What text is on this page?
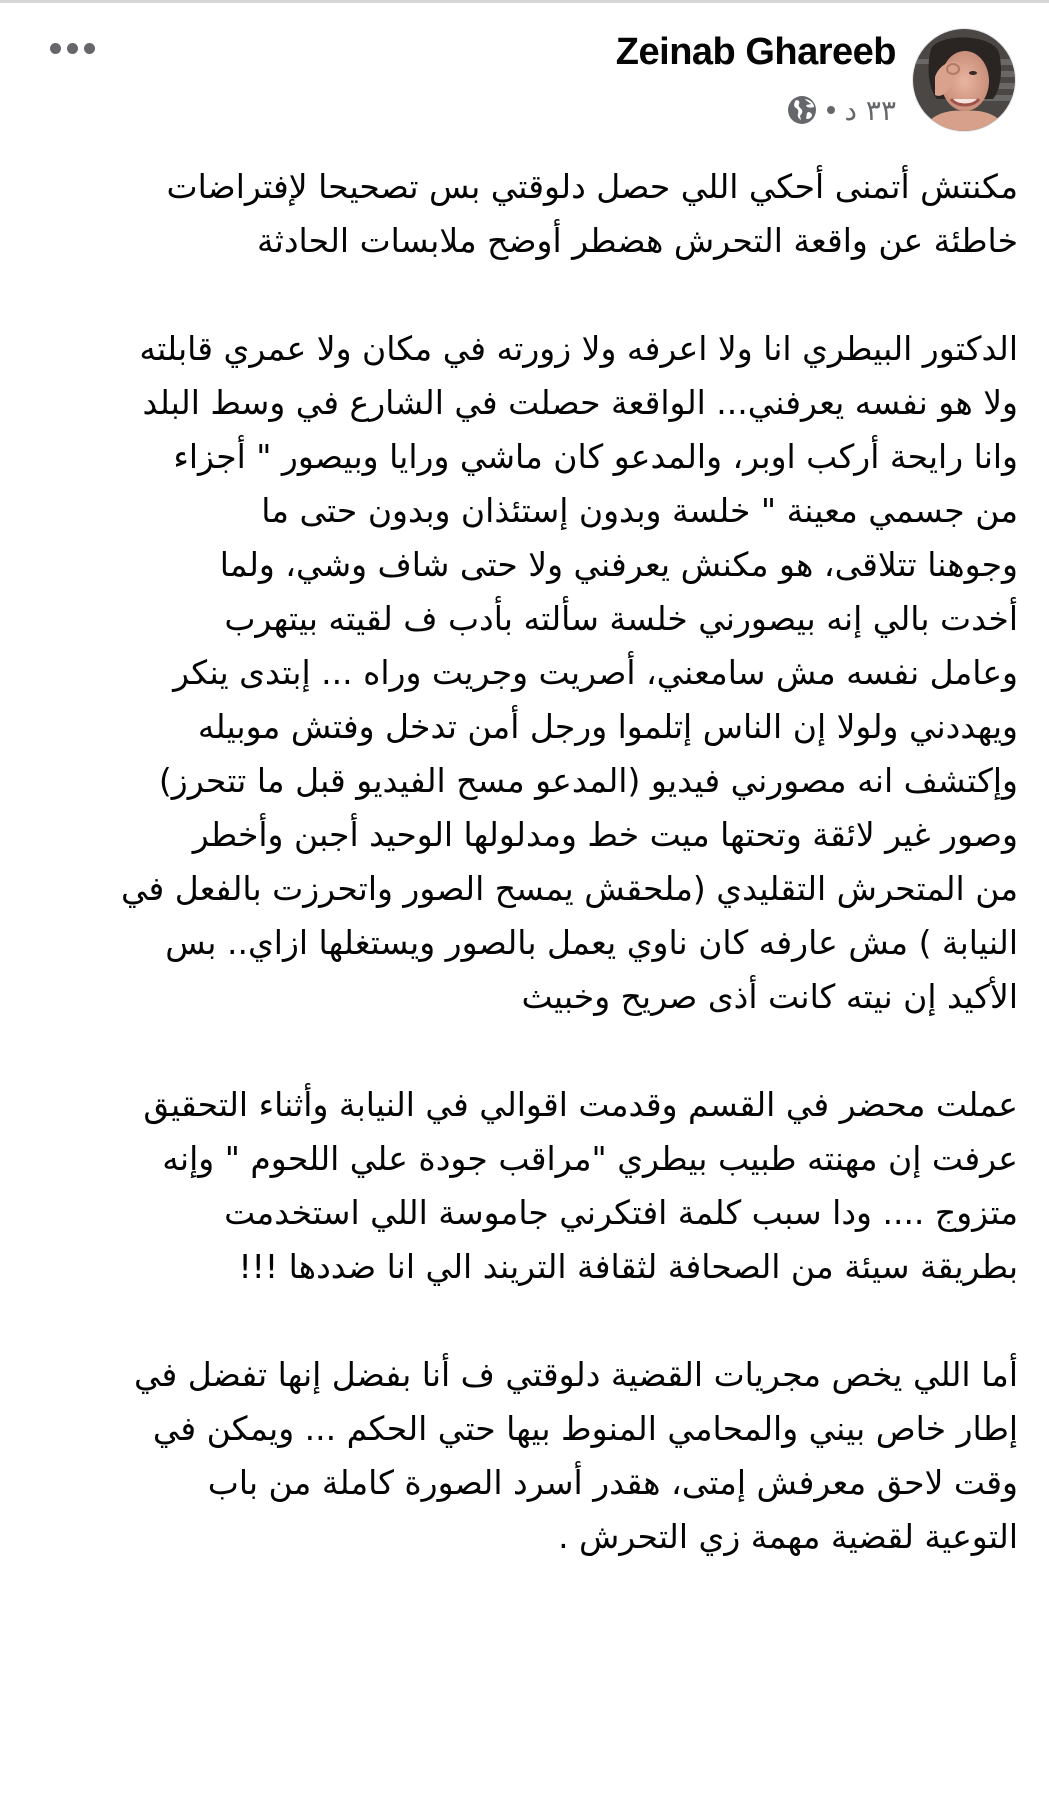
Zeinab Ghareeb
٣٣ د

مكنتش أتمنى أحكي اللي حصل دلوقتي بس تصحيحا لإفتراضات
خاطئة عن واقعة التحرش هضطر أوضح ملابسات الحادثة

الدكتور البيطري انا ولا اعرفه ولا زورته في مكان ولا عمري قابلته
ولا هو نفسه يعرفني... الواقعة حصلت في الشارع في وسط البلد
وانا رايحة أركب اوبر، والمدعو كان ماشي ورايا وبيصور " أجزاء
من جسمي معينة " خلسة وبدون إستئذان وبدون حتى ما
وجوهنا تتلاقى، هو مكنش يعرفني ولا حتى شاف وشي، ولما
أخدت بالي إنه بيصورني خلسة سألته بأدب ف لقيته بيتهرب
وعامل نفسه مش سامعني، أصريت وجريت وراه ... إبتدى ينكر
ويهددني ولولا إن الناس إتلموا ورجل أمن تدخل وفتش موبيله
وإكتشف انه مصورني فيديو (المدعو مسح الفيديو قبل ما تتحرز)
وصور غير لائقة وتحتها ميت خط ومدلولها الوحيد أجبن وأخطر
من المتحرش التقليدي (ملحقش يمسح الصور واتحرزت بالفعل في
النيابة ) مش عارفه كان ناوي يعمل بالصور ويستغلها ازاي.. بس
الأكيد إن نيته كانت أذى صريح وخبيث

عملت محضر في القسم وقدمت اقوالي في النيابة وأثناء التحقيق
عرفت إن مهنته طبيب بيطري "مراقب جودة علي اللحوم " وإنه
متزوج .... ودا سبب كلمة افتكرني جاموسة اللي استخدمت
بطريقة سيئة من الصحافة لثقافة التريند الي انا ضددها !!!

أما اللي يخص مجريات القضية دلوقتي ف أنا بفضل إنها تفضل في
إطار خاص بيني والمحامي المنوط بيها حتي الحكم ... ويمكن في
وقت لاحق معرفش إمتى، هقدر أسرد الصورة كاملة من باب
التوعية لقضية مهمة زي التحرش .
